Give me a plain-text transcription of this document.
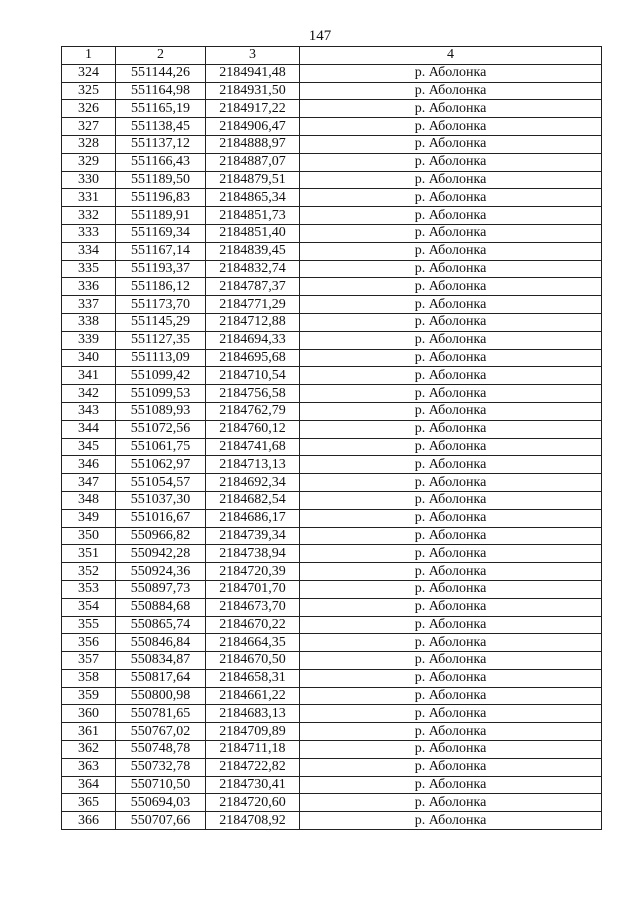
147
1	2	3	4
324	551144,26	2184941,48	р. Аболонка
325	551164,98	2184931,50	р. Аболонка
326	551165,19	2184917,22	р. Аболонка
327	551138,45	2184906,47	р. Аболонка
328	551137,12	2184888,97	р. Аболонка
329	551166,43	2184887,07	р. Аболонка
330	551189,50	2184879,51	р. Аболонка
331	551196,83	2184865,34	р. Аболонка
332	551189,91	2184851,73	р. Аболонка
333	551169,34	2184851,40	р. Аболонка
334	551167,14	2184839,45	р. Аболонка
335	551193,37	2184832,74	р. Аболонка
336	551186,12	2184787,37	р. Аболонка
337	551173,70	2184771,29	р. Аболонка
338	551145,29	2184712,88	р. Аболонка
339	551127,35	2184694,33	р. Аболонка
340	551113,09	2184695,68	р. Аболонка
341	551099,42	2184710,54	р. Аболонка
342	551099,53	2184756,58	р. Аболонка
343	551089,93	2184762,79	р. Аболонка
344	551072,56	2184760,12	р. Аболонка
345	551061,75	2184741,68	р. Аболонка
346	551062,97	2184713,13	р. Аболонка
347	551054,57	2184692,34	р. Аболонка
348	551037,30	2184682,54	р. Аболонка
349	551016,67	2184686,17	р. Аболонка
350	550966,82	2184739,34	р. Аболонка
351	550942,28	2184738,94	р. Аболонка
352	550924,36	2184720,39	р. Аболонка
353	550897,73	2184701,70	р. Аболонка
354	550884,68	2184673,70	р. Аболонка
355	550865,74	2184670,22	р. Аболонка
356	550846,84	2184664,35	р. Аболонка
357	550834,87	2184670,50	р. Аболонка
358	550817,64	2184658,31	р. Аболонка
359	550800,98	2184661,22	р. Аболонка
360	550781,65	2184683,13	р. Аболонка
361	550767,02	2184709,89	р. Аболонка
362	550748,78	2184711,18	р. Аболонка
363	550732,78	2184722,82	р. Аболонка
364	550710,50	2184730,41	р. Аболонка
365	550694,03	2184720,60	р. Аболонка
366	550707,66	2184708,92	р. Аболонка
